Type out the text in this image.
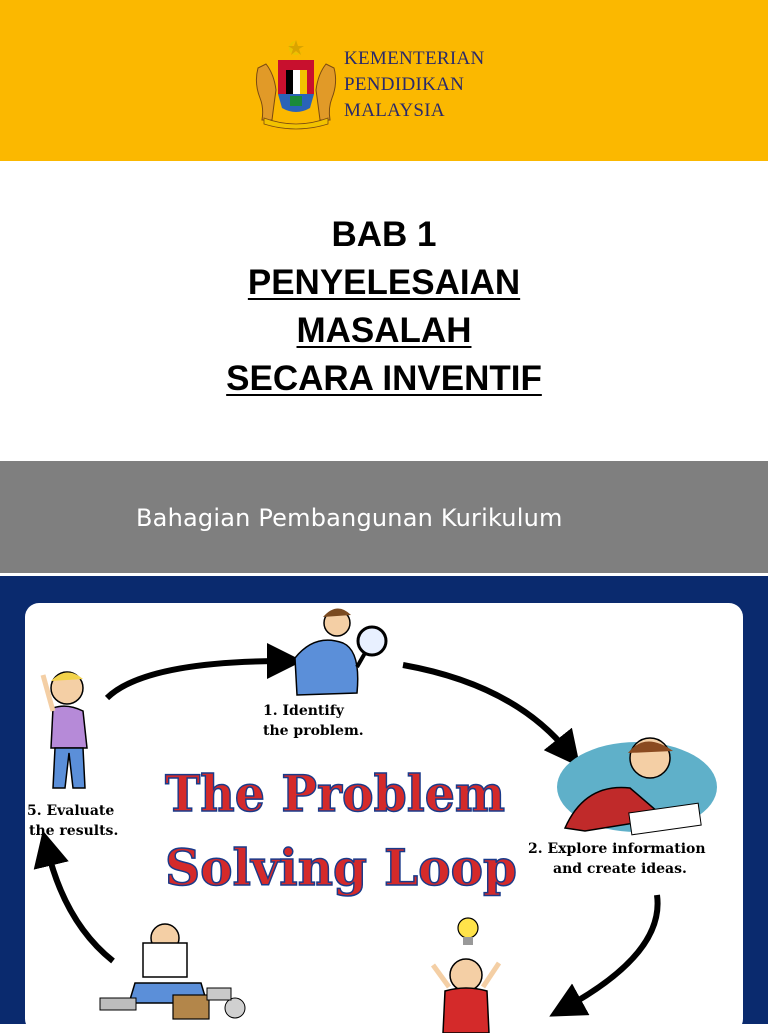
KEMENTERIAN
PENDIDIKAN
MALAYSIA
BAB 1
PENYELESAIAN
MASALAH
SECARA INVENTIF
Bahagian Pembangunan Kurikulum
1. Identify
the problem.
2. Explore information
and create ideas.
5. Evaluate
the results.
The Problem
Solving Loop
